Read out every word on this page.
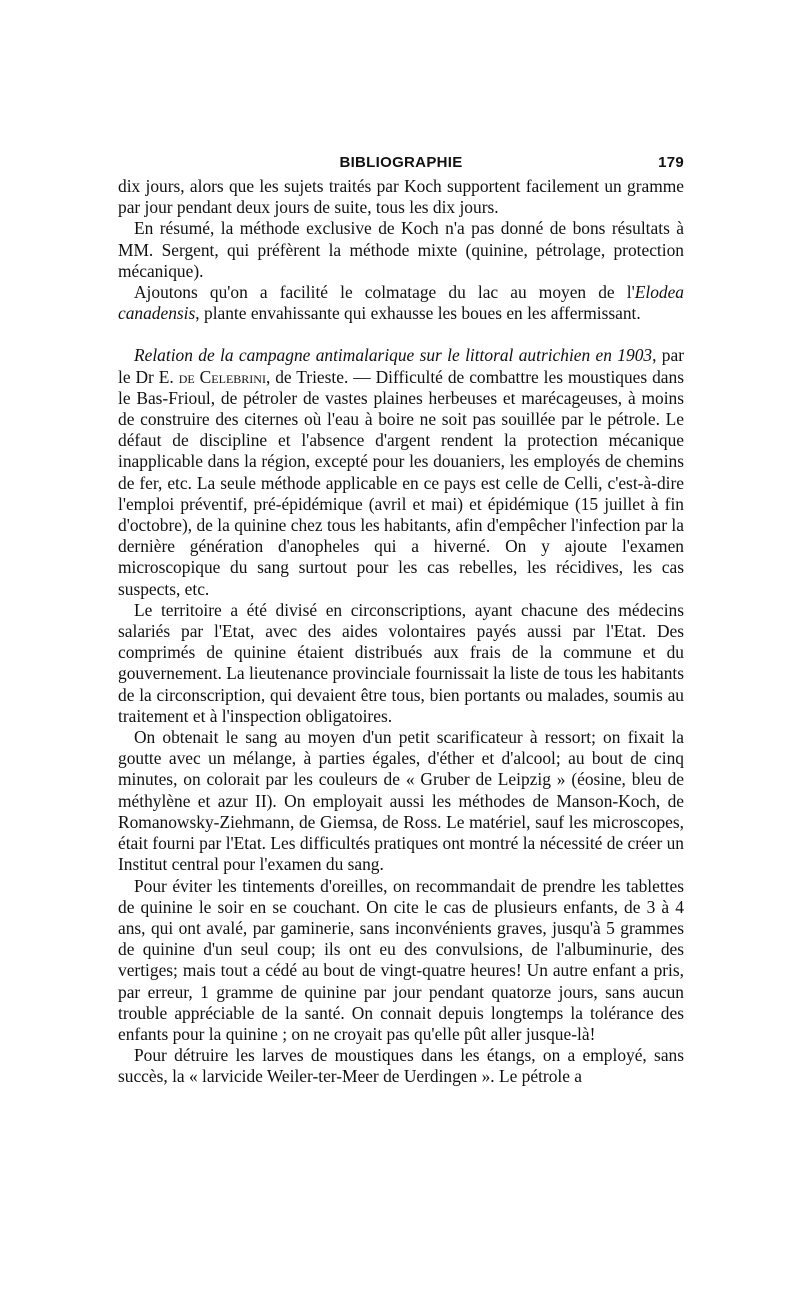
BIBLIOGRAPHIE	179

dix jours, alors que les sujets traités par Koch supportent facilement un gramme par jour pendant deux jours de suite, tous les dix jours.

En résumé, la méthode exclusive de Koch n'a pas donné de bons résultats à MM. Sergent, qui préfèrent la méthode mixte (quinine, pétrolage, protection mécanique).

Ajoutons qu'on a facilité le colmatage du lac au moyen de l'Elodea canadensis, plante envahissante qui exhausse les boues en les affermissant.

Relation de la campagne antimalarique sur le littoral autrichien en 1903, par le Dr E. de Celebrini, de Trieste. — Difficulté de combattre les moustiques dans le Bas-Frioul, de pétroler de vastes plaines herbeuses et marécageuses, à moins de construire des citernes où l'eau à boire ne soit pas souillée par le pétrole. Le défaut de discipline et l'absence d'argent rendent la protection mécanique inapplicable dans la région, excepté pour les douaniers, les employés de chemins de fer, etc. La seule méthode applicable en ce pays est celle de Celli, c'est-à-dire l'emploi préventif, pré-épidémique (avril et mai) et épidémique (15 juillet à fin d'octobre), de la quinine chez tous les habitants, afin d'empêcher l'infection par la dernière génération d'anopheles qui a hiverné. On y ajoute l'examen microscopique du sang surtout pour les cas rebelles, les récidives, les cas suspects, etc.

Le territoire a été divisé en circonscriptions, ayant chacune des médecins salariés par l'Etat, avec des aides volontaires payés aussi par l'Etat. Des comprimés de quinine étaient distribués aux frais de la commune et du gouvernement. La lieutenance provinciale fournissait la liste de tous les habitants de la circonscription, qui devaient être tous, bien portants ou malades, soumis au traitement et à l'inspection obligatoires.

On obtenait le sang au moyen d'un petit scarificateur à ressort; on fixait la goutte avec un mélange, à parties égales, d'éther et d'alcool; au bout de cinq minutes, on colorait par les couleurs de « Gruber de Leipzig » (éosine, bleu de méthylène et azur II). On employait aussi les méthodes de Manson-Koch, de Romanowsky-Ziehmann, de Giemsa, de Ross. Le matériel, sauf les microscopes, était fourni par l'Etat. Les difficultés pratiques ont montré la nécessité de créer un Institut central pour l'examen du sang.

Pour éviter les tintements d'oreilles, on recommandait de prendre les tablettes de quinine le soir en se couchant. On cite le cas de plusieurs enfants, de 3 à 4 ans, qui ont avalé, par gaminerie, sans inconvénients graves, jusqu'à 5 grammes de quinine d'un seul coup; ils ont eu des convulsions, de l'albuminurie, des vertiges; mais tout a cédé au bout de vingt-quatre heures! Un autre enfant a pris, par erreur, 1 gramme de quinine par jour pendant quatorze jours, sans aucun trouble appréciable de la santé. On connait depuis longtemps la tolérance des enfants pour la quinine ; on ne croyait pas qu'elle pût aller jusque-là!

Pour détruire les larves de moustiques dans les étangs, on a employé, sans succès, la « larvicide Weiler-ter-Meer de Uerdingen ». Le pétrole a
